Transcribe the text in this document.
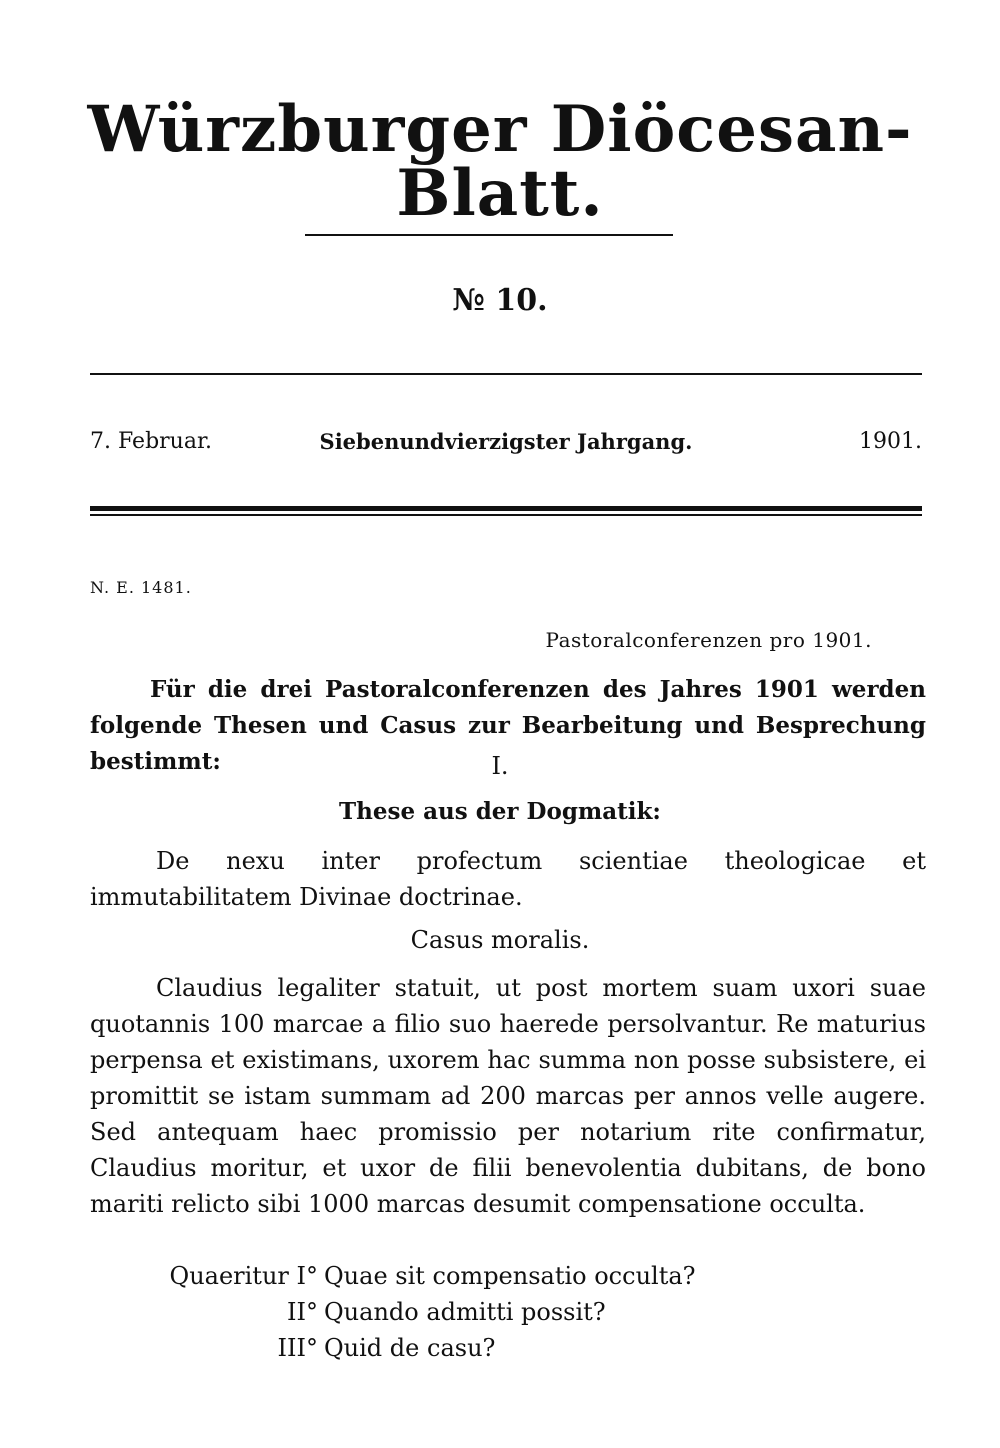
Würzburger Diöcesan-Blatt.
№ 10.
Siebenundvierzigster Jahrgang.
7. Februar.	1901.
N. E. 1481.
Pastoralconferenzen pro 1901.

Für die drei Pastoralconferenzen des Jahres 1901 werden folgende Thesen und Casus zur Bearbeitung und Besprechung bestimmt:	I.
These aus der Dogmatik:

De nexu inter profectum scientiae theologicae et immutabilitatem Divinae doctrinae.

Casus moralis.

Claudius legaliter statuit, ut post mortem suam uxori suae quotannis 100 marcae a filio suo haerede persolvantur. Re maturius perpensa et existimans, uxorem hac summa non posse subsistere, ei promittit se istam summam ad 200 marcas per annos velle augere. Sed antequam haec promissio per notarium rite confirmatur, Claudius moritur, et uxor de filii benevolentia dubitans, de bono mariti relicto sibi 1000 marcas desumit compensatione occulta.

Quaeritur I° Quae sit compensatio occulta?
II° Quando admitti possit?
III° Quid de casu?
